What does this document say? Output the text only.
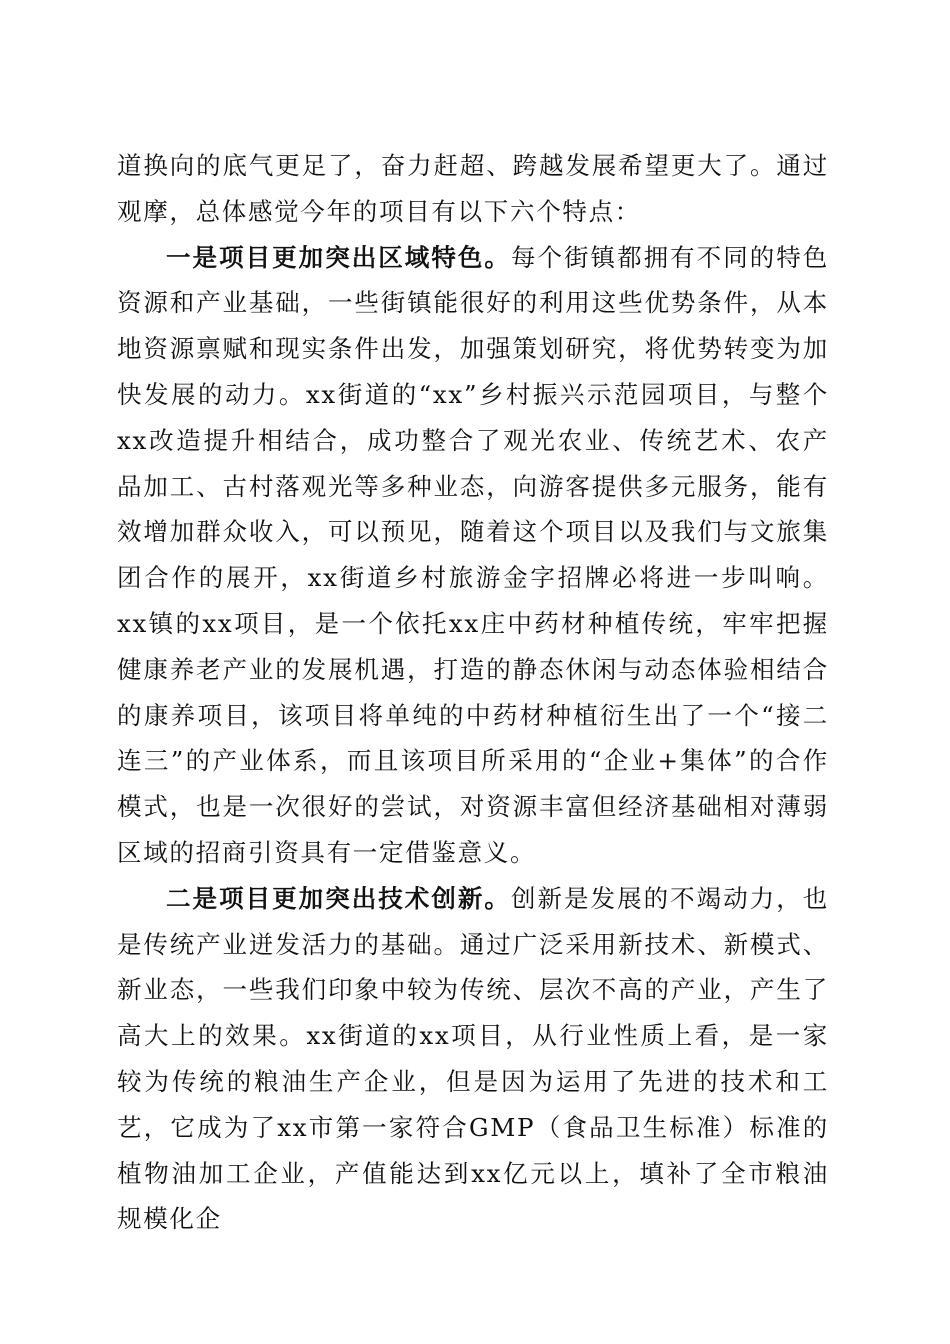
道换向的底气更足了，奋力赶超、跨越发展希望更大了。通过观摩，总体感觉今年的项目有以下六个特点：

一是项目更加突出区域特色。每个街镇都拥有不同的特色资源和产业基础，一些街镇能很好的利用这些优势条件，从本地资源禀赋和现实条件出发，加强策划研究，将优势转变为加快发展的动力。xx街道的“xx”乡村振兴示范园项目，与整个xx改造提升相结合，成功整合了观光农业、传统艺术、农产品加工、古村落观光等多种业态，向游客提供多元服务，能有效增加群众收入，可以预见，随着这个项目以及我们与文旅集团合作的展开，xx街道乡村旅游金字招牌必将进一步叫响。xx镇的xx项目，是一个依托xx庄中药材种植传统，牢牢把握健康养老产业的发展机遇，打造的静态休闲与动态体验相结合的康养项目，该项目将单纯的中药材种植衍生出了一个“接二连三”的产业体系，而且该项目所采用的“企业+集体”的合作模式，也是一次很好的尝试，对资源丰富但经济基础相对薄弱区域的招商引资具有一定借鉴意义。

二是项目更加突出技术创新。创新是发展的不竭动力，也是传统产业迸发活力的基础。通过广泛采用新技术、新模式、新业态，一些我们印象中较为传统、层次不高的产业，产生了高大上的效果。xx街道的xx项目，从行业性质上看，是一家较为传统的粮油生产企业，但是因为运用了先进的技术和工艺，它成为了xx市第一家符合GMP（食品卫生标准）标准的植物油加工企业，产值能达到xx亿元以上，填补了全市粮油规模化企
